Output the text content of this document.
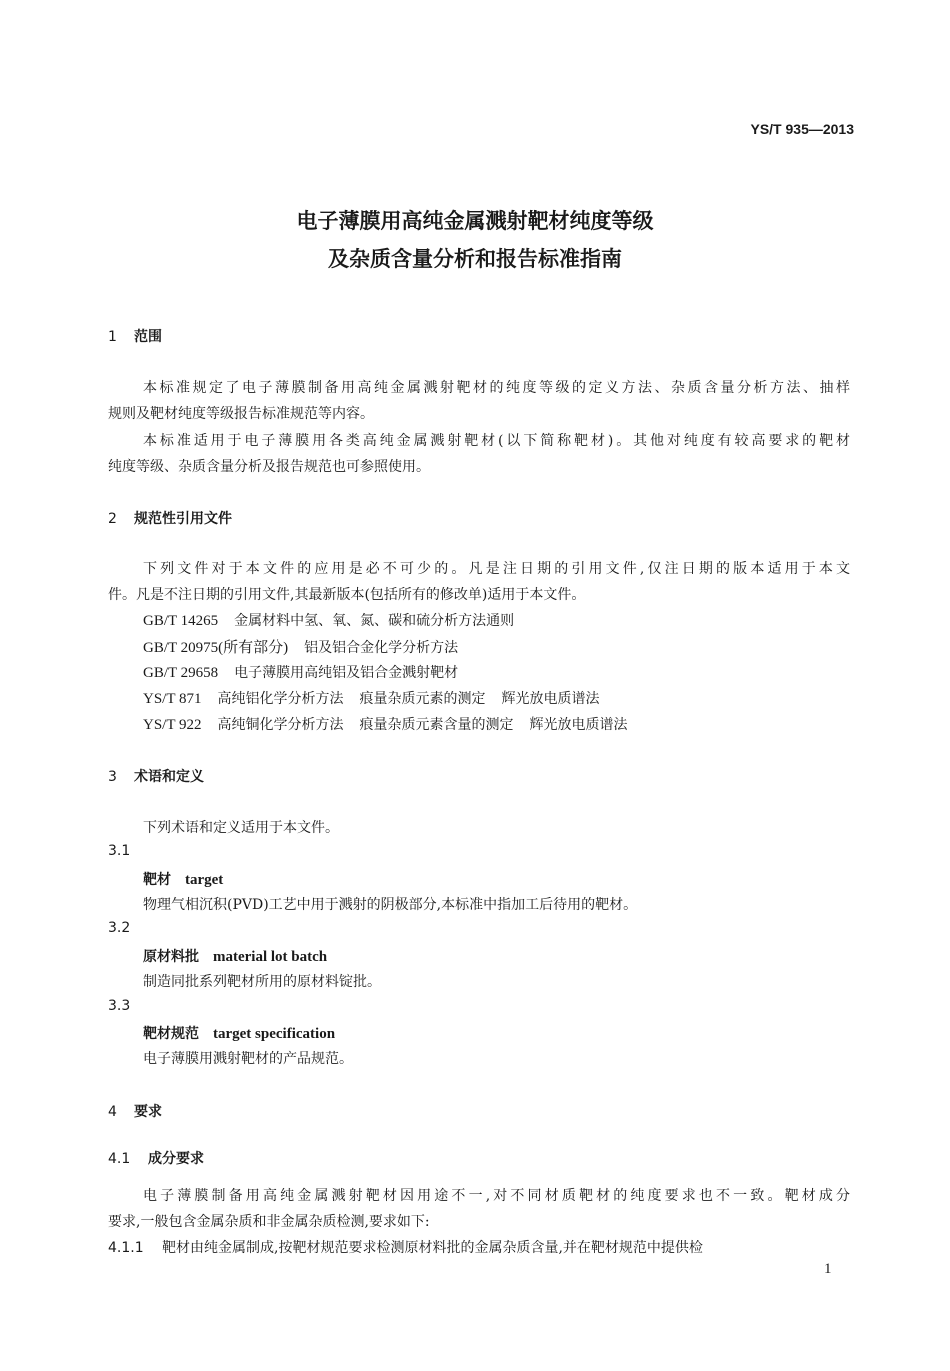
YS/T 935—2013
电子薄膜用高纯金属溅射靶材纯度等级
及杂质含量分析和报告标准指南
1 范围
本标准规定了电子薄膜制备用高纯金属溅射靶材的纯度等级的定义方法、杂质含量分析方法、抽样
规则及靶材纯度等级报告标准规范等内容。
本标准适用于电子薄膜用各类高纯金属溅射靶材(以下简称靶材)。其他对纯度有较高要求的靶材
纯度等级、杂质含量分析及报告规范也可参照使用。
2 规范性引用文件
下列文件对于本文件的应用是必不可少的。凡是注日期的引用文件,仅注日期的版本适用于本文
件。凡是不注日期的引用文件,其最新版本(包括所有的修改单)适用于本文件。
GB/T 14265 金属材料中氢、氧、氮、碳和硫分析方法通则
GB/T 20975(所有部分) 铝及铝合金化学分析方法
GB/T 29658 电子薄膜用高纯铝及铝合金溅射靶材
YS/T 871 高纯铝化学分析方法 痕量杂质元素的测定 辉光放电质谱法
YS/T 922 高纯铜化学分析方法 痕量杂质元素含量的测定 辉光放电质谱法
3 术语和定义
下列术语和定义适用于本文件。
3.1
靶材 target
物理气相沉积(PVD)工艺中用于溅射的阴极部分,本标准中指加工后待用的靶材。
3.2
原材料批 material lot batch
制造同批系列靶材所用的原材料锭批。
3.3
靶材规范 target specification
电子薄膜用溅射靶材的产品规范。
4 要求
4.1 成分要求
电子薄膜制备用高纯金属溅射靶材因用途不一,对不同材质靶材的纯度要求也不一致。靶材成分
要求,一般包含金属杂质和非金属杂质检测,要求如下:
4.1.1 靶材由纯金属制成,按靶材规范要求检测原材料批的金属杂质含量,并在靶材规范中提供检
1
